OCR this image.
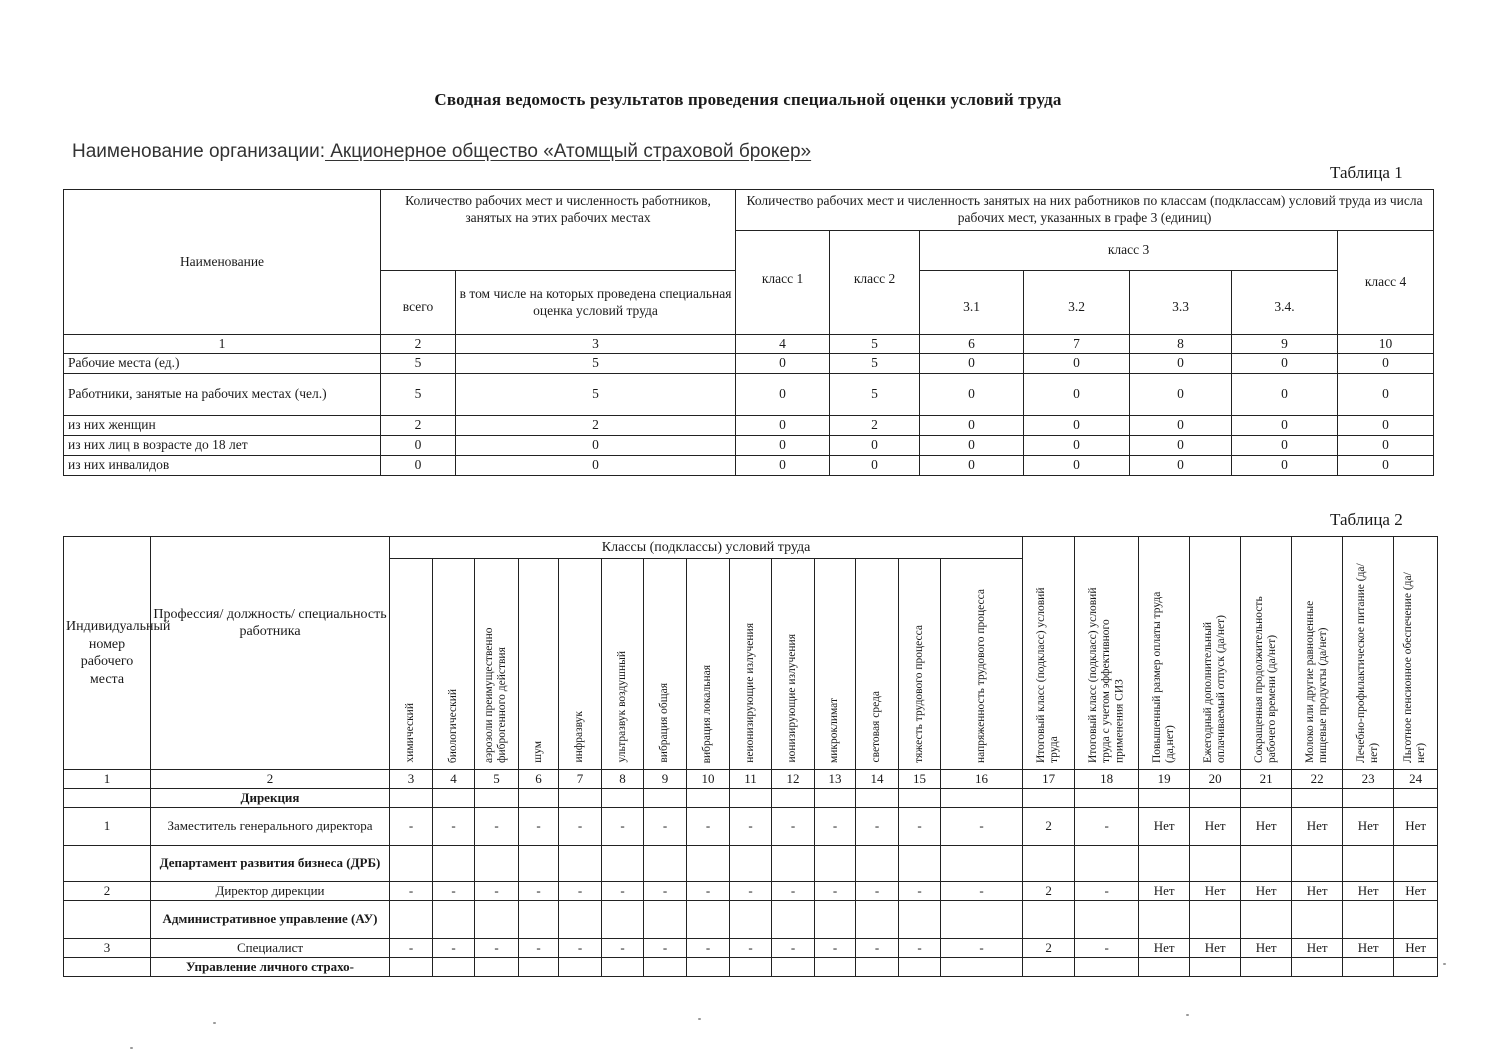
Сводная ведомость результатов проведения специальной оценки условий труда
Наименование организации: Акционерное общество «Атомщый страховой брокер»
Таблица 1
Наименование	Количество рабочих мест и численность работников, занятых на этих рабочих местах		Количество рабочих мест и численность занятых на них работников по классам (подклассам) условий труда из числа рабочих мест, указанных в графе 3 (единиц)						
			класс 1	класс 2	класс 3				класс 4
	всего	в том числе на которых проведена специальная оценка условий труда			3.1	3.2	3.3	3.4.	
1	2	3	4	5	6	7	8	9	10
Рабочие места (ед.)	5	5	0	5	0	0	0	0	0
Работники, занятые на рабочих местах (чел.)	5	5	0	5	0	0	0	0	0
из них женщин	2	2	0	2	0	0	0	0	0
из них лиц в возрасте до 18 лет	0	0	0	0	0	0	0	0	0
из них инвалидов	0	0	0	0	0	0	0	0	0
Таблица 2
Индивидуальный номер рабочего места	Профессия/ должность/ специальность работника	Классы (подклассы) условий труда														Итоговый класс (подкласс) условий труда	Итоговый класс (подкласс) условий труда с учетом эффективного применения СИЗ	Повышенный размер оплаты труда (да,нет)	Ежегодный дополнительный оплачиваемый отпуск (да/нет)	Сокращенная продолжительность рабочего времени (да/нет)	Молоко или другие равноценные пищевые продукты (да/нет)	Лечебно-профилактическое питание (да/нет)	Льготное пенсионное обеспечение (да/нет)

		химический	биологический	аэрозоли преимущественно фиброгенного действия	шум	инфразвук	ультразвук воздушный	вибрация общая	вибрация локальная	неионизирующие излучения	ионизирующие излучения	микроклимат	световая среда	тяжесть трудового процесса	напряженность трудового процесса								

1	2	3	4	5	6	7	8	9	10	11	12	13	14	15	16	17	18	19	20	21	22	23	24
	Дирекция																						
1	Заместитель генерального директора	-	-	-	-	-	-	-	-	-	-	-	-	-	-	2	-	Нет	Нет	Нет	Нет	Нет	Нет
	Департамент развития бизнеса (ДРБ)																						
2	Директор дирекции	-	-	-	-	-	-	-	-	-	-	-	-	-	-	2	-	Нет	Нет	Нет	Нет	Нет	Нет
	Административное управление (АУ)																						
3	Специалист	-	-	-	-	-	-	-	-	-	-	-	-	-	-	2	-	Нет	Нет	Нет	Нет	Нет	Нет
	Управление личного страхо-																						
